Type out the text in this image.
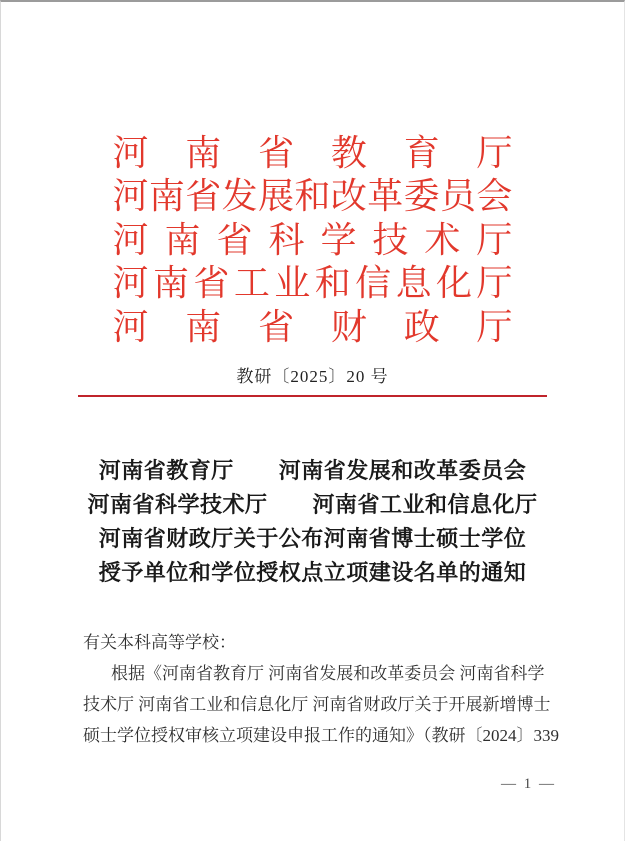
河 南 省 教 育 厅
河 南 省 发 展 和 改 革 委 员 会
河 南 省 科 学 技 术 厅
河 南 省 工 业 和 信 息 化 厅
河 南 省 财 政 厅
教研〔2025〕20 号
河南省教育厅　　河南省发展和改革委员会
河南省科学技术厅　　河南省工业和信息化厅
河南省财政厅关于公布河南省博士硕士学位
授予单位和学位授权点立项建设名单的通知
有关本科高等学校：
根据《河南省教育厅 河南省发展和改革委员会 河南省科学
技术厅 河南省工业和信息化厅 河南省财政厅关于开展新增博士
硕士学位授权审核立项建设申报工作的通知》（教研〔2024〕339
— 1 —
